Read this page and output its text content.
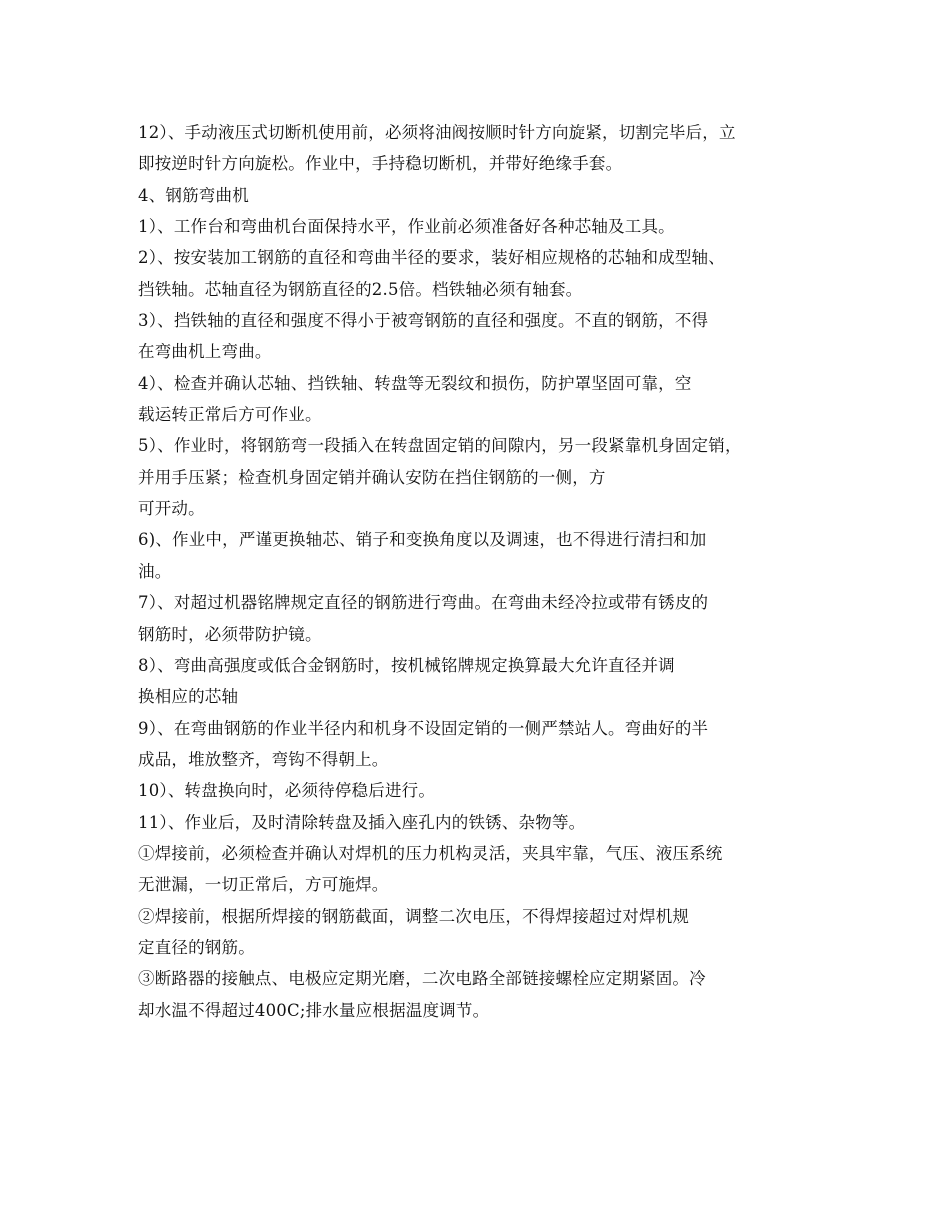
12）、手动液压式切断机使用前，必须将油阀按顺时针方向旋紧，切割完毕后，立
即按逆时针方向旋松。作业中，手持稳切断机，并带好绝缘手套。
4、钢筋弯曲机
1）、工作台和弯曲机台面保持水平，作业前必须准备好各种芯轴及工具。
2）、按安装加工钢筋的直径和弯曲半径的要求，装好相应规格的芯轴和成型轴、
挡铁轴。芯轴直径为钢筋直径的2.5倍。档铁轴必须有轴套。
3）、挡铁轴的直径和强度不得小于被弯钢筋的直径和强度。不直的钢筋，不得
在弯曲机上弯曲。
4）、检查并确认芯轴、挡铁轴、转盘等无裂纹和损伤，防护罩坚固可靠，空
载运转正常后方可作业。
5）、作业时，将钢筋弯一段插入在转盘固定销的间隙内，另一段紧靠机身固定销，
并用手压紧；检查机身固定销并确认安防在挡住钢筋的一侧，方
可开动。
6)、作业中，严谨更换轴芯、销子和变换角度以及调速，也不得进行清扫和加
油。
7）、对超过机器铭牌规定直径的钢筋进行弯曲。在弯曲未经冷拉或带有锈皮的
钢筋时，必须带防护镜。
8）、弯曲高强度或低合金钢筋时，按机械铭牌规定换算最大允许直径并调
换相应的芯轴
9）、在弯曲钢筋的作业半径内和机身不设固定销的一侧严禁站人。弯曲好的半
成品，堆放整齐，弯钩不得朝上。
10）、转盘换向时，必须待停稳后进行。
11）、作业后，及时清除转盘及插入座孔内的铁锈、杂物等。
①焊接前，必须检查并确认对焊机的压力机构灵活，夹具牢靠，气压、液压系统
无泄漏，一切正常后，方可施焊。
②焊接前，根据所焊接的钢筋截面，调整二次电压，不得焊接超过对焊机规
定直径的钢筋。
③断路器的接触点、电极应定期光磨，二次电路全部链接螺栓应定期紧固。冷
却水温不得超过400C;排水量应根据温度调节。
